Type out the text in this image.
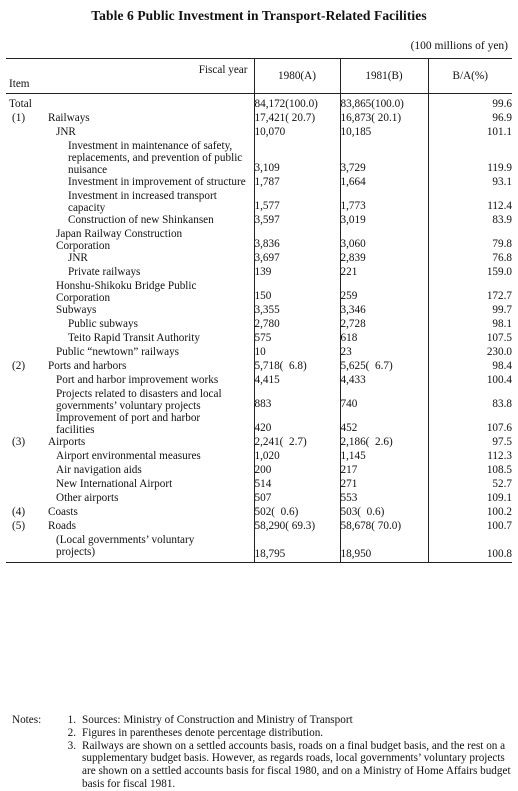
Table 6 Public Investment in Transport-Related Facilities
(100 millions of yen)
Fiscal year
Item	1980(A)	1981(B)	B/A(%)

Total	84,172(100.0)	83,865(100.0)	99.6

(1) Railways	17,421( 20.7)	16,873( 20.1)	96.9

JNR	10,070	10,185	101.1

Investment in maintenance of safety, replacements, and prevention of public nuisance	3,109	3,729	119.9

Investment in improvement of structure	1,787	1,664	93.1

Investment in increased transport capacity	1,577	1,773	112.4

Construction of new Shinkansen	3,597	3,019	83.9

Japan Railway Construction Corporation	3,836	3,060	79.8

JNR	3,697	2,839	76.8

Private railways	139	221	159.0

Honshu-Shikoku Bridge Public Corporation	150	259	172.7

Subways	3,355	3,346	99.7

Public subways	2,780	2,728	98.1

Teito Rapid Transit Authority	575	618	107.5

Public “newtown” railways	10	23	230.0

(2) Ports and harbors	5,718(  6.8)	5,625(  6.7)	98.4

Port and harbor improvement works	4,415	4,433	100.4

Projects related to disasters and local governments’ voluntary projects	883	740	83.8

Improvement of port and harbor facilities	420	452	107.6

(3) Airports	2,241(  2.7)	2,186(  2.6)	97.5

Airport environmental measures	1,020	1,145	112.3

Air navigation aids	200	217	108.5

New International Airport	514	271	52.7

Other airports	507	553	109.1

(4) Coasts	502(  0.6)	503(  0.6)	100.2

(5) Roads	58,290( 69.3)	58,678( 70.0)	100.7

(Local governments’ voluntary projects)	18,795	18,950	100.8
Notes:	1. Sources: Ministry of Construction and Ministry of Transport
2. Figures in parentheses denote percentage distribution.
3. Railways are shown on a settled accounts basis, roads on a final budget basis, and the rest on a supplementary budget basis. However, as regards roads, local governments’ voluntary projects are shown on a settled accounts basis for fiscal 1980, and on a Ministry of Home Affairs budget basis for fiscal 1981.
